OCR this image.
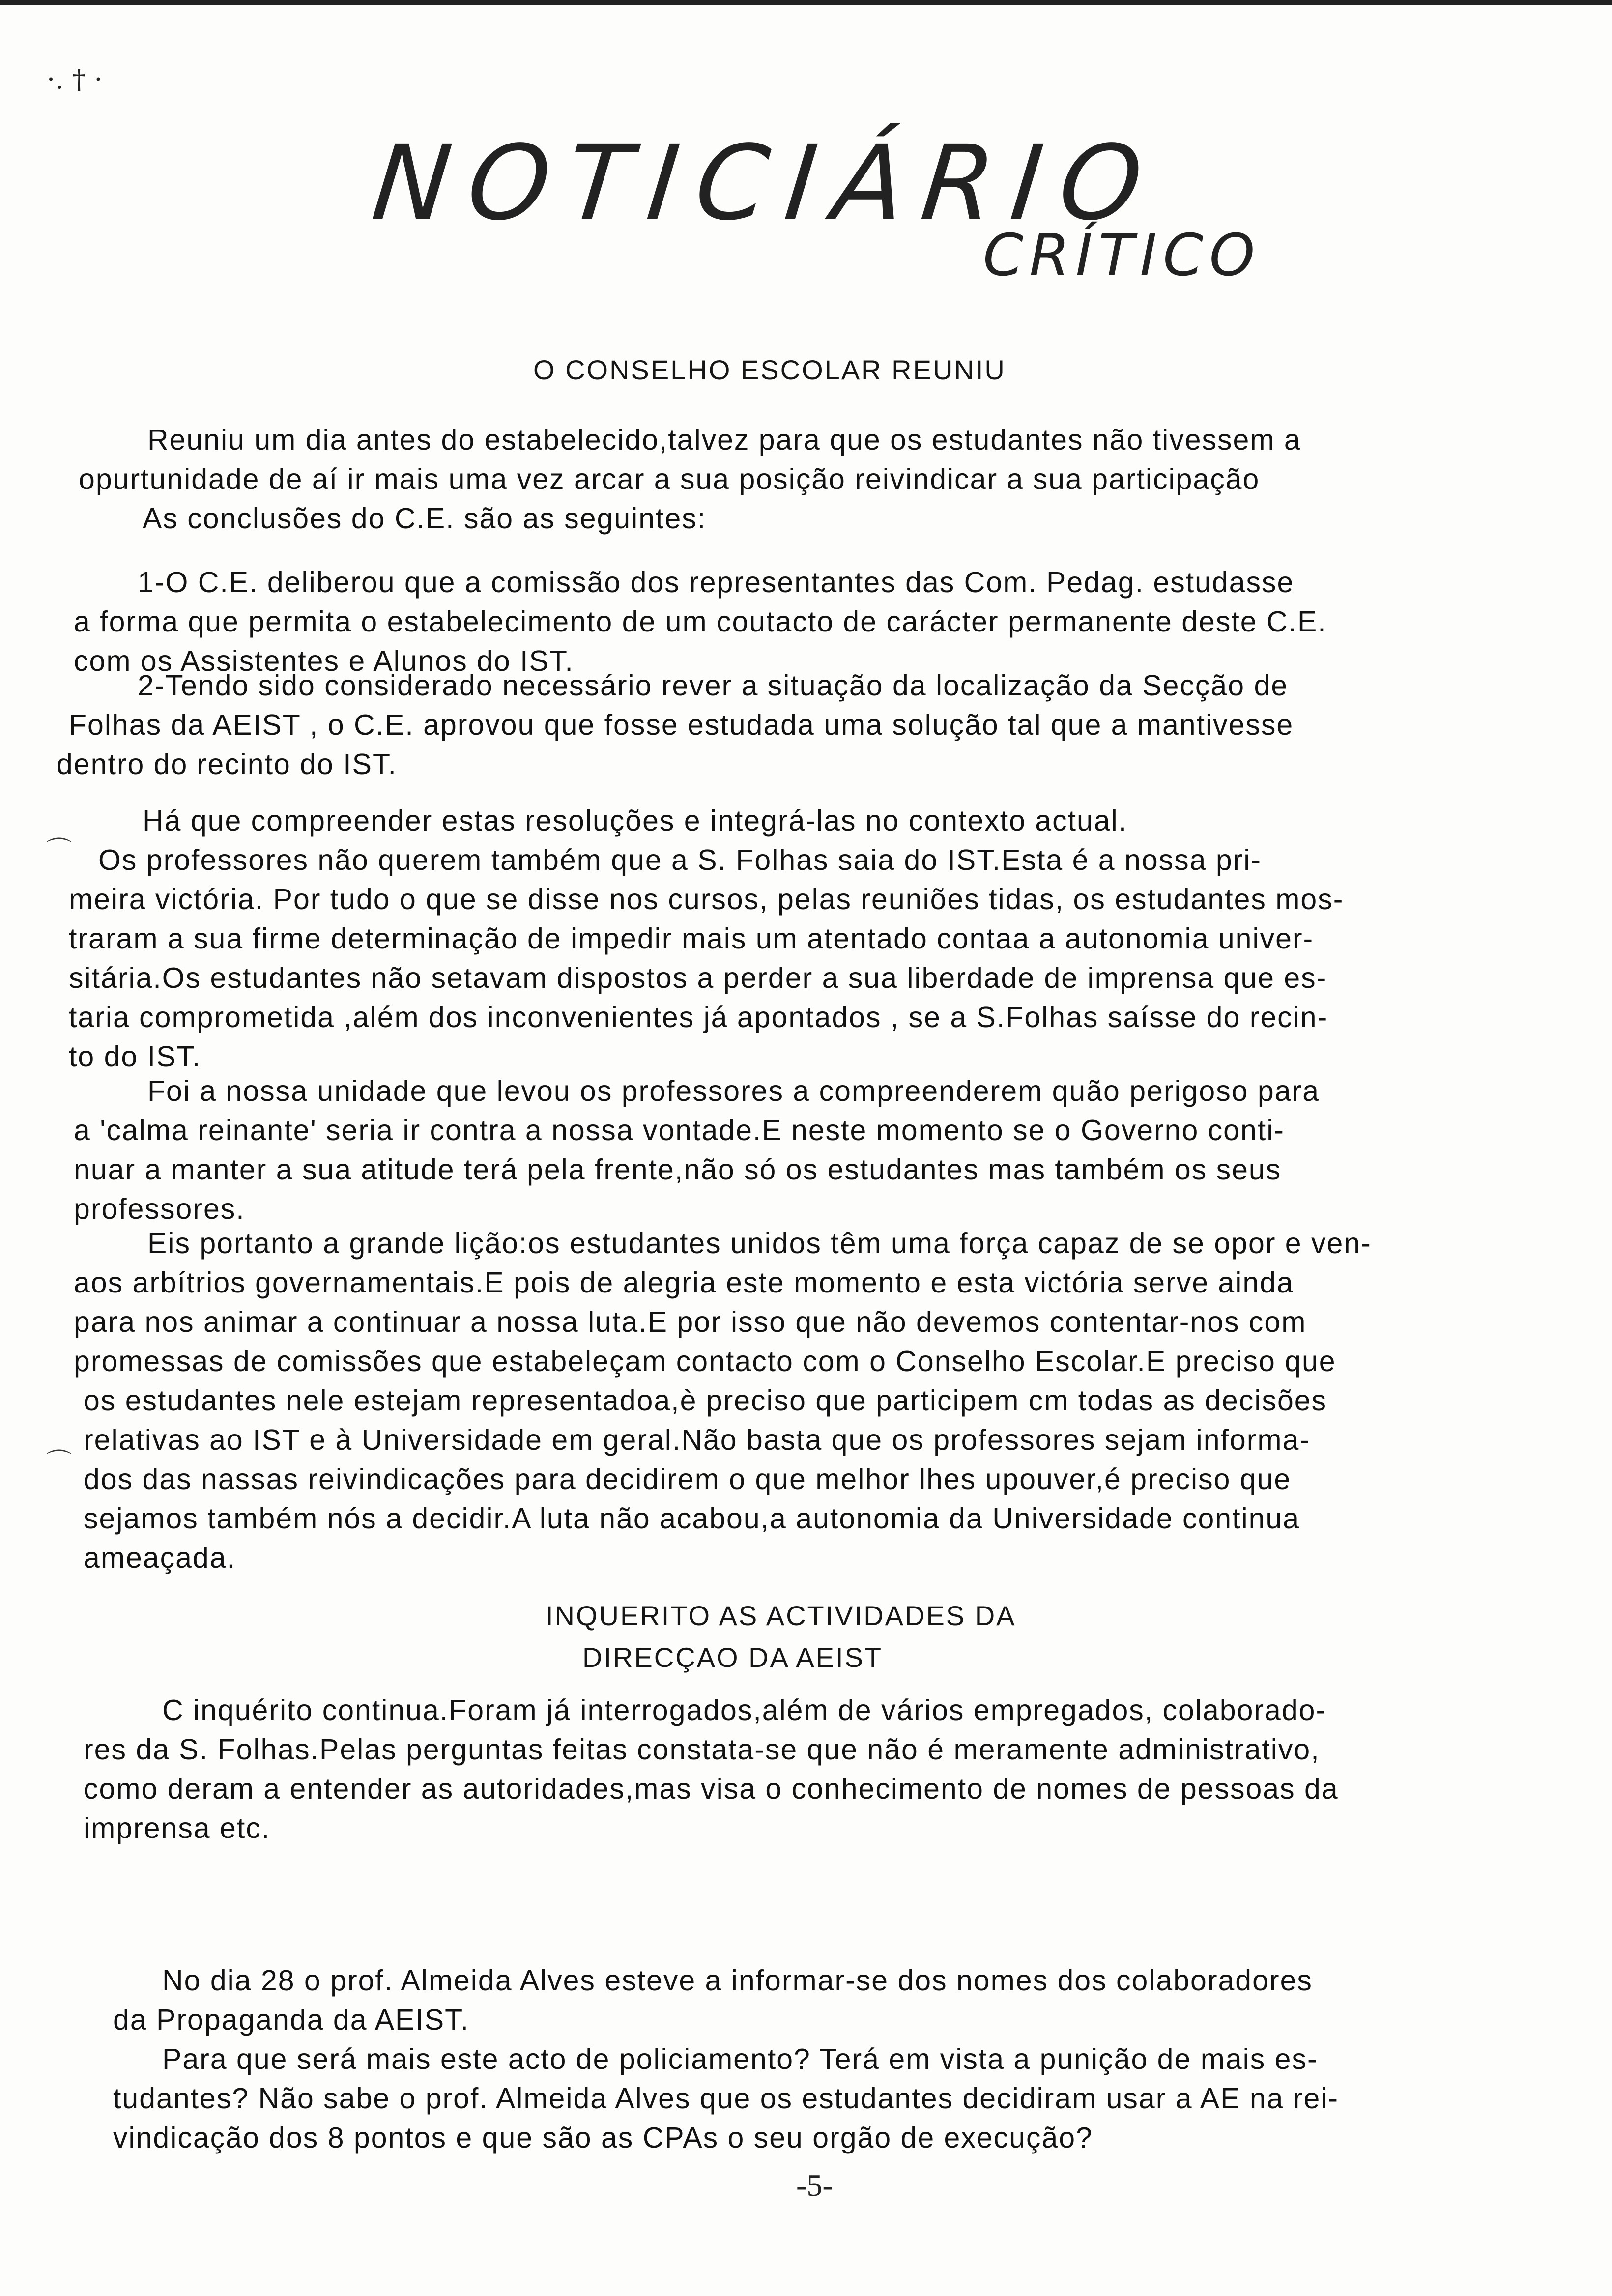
·․ † ·
NOTICIÁRIO
CRÍTICO
O CONSELHO ESCOLAR REUNIU
Reuniu um dia antes do estabelecido,talvez para que os estudantes não tivessem a
opurtunidade de aí ir mais uma vez arcar a sua posição reivindicar a sua participação
As conclusões do C.E. são as seguintes:
1-O C.E. deliberou que a comissão dos representantes das Com. Pedag. estudasse
a forma que permita o estabelecimento de um coutacto de carácter permanente deste C.E.
com os Assistentes e Alunos do IST.
2-Tendo sido considerado necessário rever a situação da localização da Secção de
Folhas da AEIST , o C.E. aprovou que fosse estudada uma solução tal que a mantivesse
dentro do recinto do IST.
Há que compreender estas resoluções e integrá-las no contexto actual.
Os professores não querem também que a S. Folhas saia do IST.Esta é a nossa pri-
meira victória. Por tudo o que se disse nos cursos, pelas reuniões tidas, os estudantes mos-
traram a sua firme determinação de impedir mais um atentado contaa a autonomia univer-
sitária.Os estudantes não setavam dispostos a perder a sua liberdade de imprensa que es-
taria comprometida ,além dos inconvenientes já apontados , se a S.Folhas saísse do recin-
to do IST.
Foi a nossa unidade que levou os professores a compreenderem quão perigoso para
a 'calma reinante' seria ir contra a nossa vontade.E neste momento se o Governo conti-
nuar a manter a sua atitude terá pela frente,não só os estudantes mas também os seus
professores.
Eis portanto a grande lição:os estudantes unidos têm uma força capaz de se opor e ven-
aos arbítrios governamentais.E pois de alegria este momento e esta victória serve ainda
para nos animar a continuar a nossa luta.E por isso que não devemos contentar-nos com
promessas de comissões que estabeleçam contacto com o Conselho Escolar.E preciso que
os estudantes nele estejam representadoa,è preciso que participem cm todas as decisões
relativas ao IST e à Universidade em geral.Não basta que os professores sejam informa-
dos das nassas reivindicações para decidirem o que melhor lhes upouver,é preciso que
sejamos também nós a decidir.A luta não acabou,a autonomia da Universidade continua
ameaçada.
⌒
⌒
INQUERITO AS ACTIVIDADES DA
DIRECÇAO DA AEIST
C inquérito continua.Foram já interrogados,além de vários empregados, colaborado-
res da S. Folhas.Pelas perguntas feitas constata-se que não é meramente administrativo,
como deram a entender as autoridades,mas visa o conhecimento de nomes de pessoas da
imprensa etc.
No dia 28 o prof. Almeida Alves esteve a informar-se dos nomes dos colaboradores
da Propaganda da AEIST.
Para que será mais este acto de policiamento? Terá em vista a punição de mais es-
tudantes? Não sabe o prof. Almeida Alves que os estudantes decidiram usar a AE na rei-
vindicação dos 8 pontos e que são as CPAs o seu orgão de execução?
-5-
